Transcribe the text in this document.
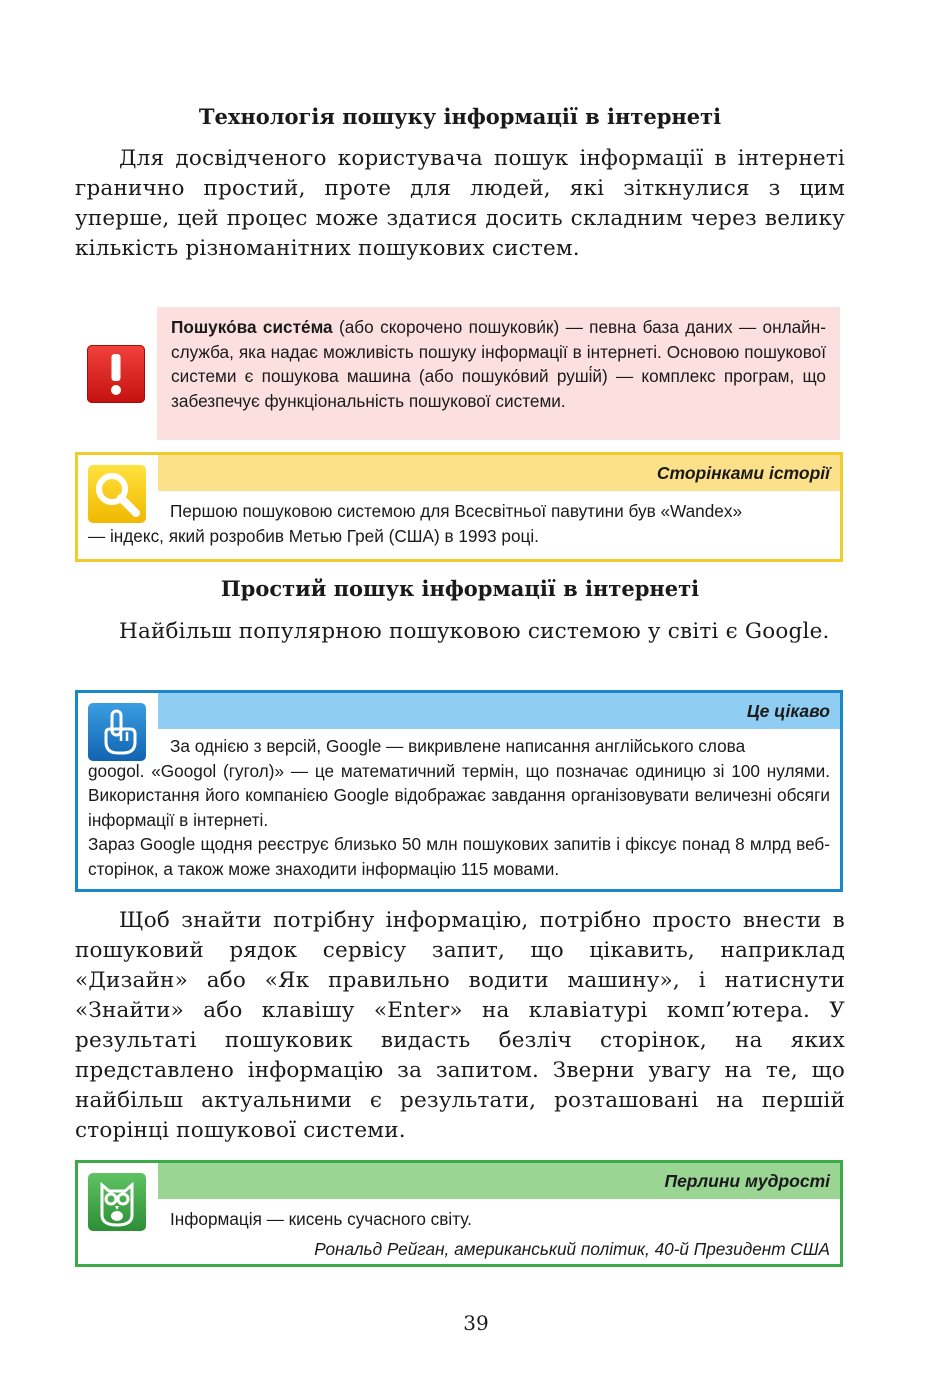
Технологія пошуку інформації в інтернеті

Для досвідченого користувача пошук інформації в інтернеті гранично простий, проте для людей, які зіткнулися з цим уперше, цей процес може здатися досить складним через велику кількість різноманітних пошукових систем.

Пошуко́ва систе́ма (або скорочено пошукови́к) — певна база даних — онлайн-служба, яка надає можливість пошуку інформації в інтернеті. Основою пошукової системи є пошукова машина (або пошуко́вий руші́й) — комплекс програм, що забезпечує функціональність пошукової системи.
Сторінками історії
Першою пошуковою системою для Всесвітньої павутини був «Wandex»
— індекс, який розробив Метью Грей (США) в 1993 році.
Простий пошук інформації в інтернеті

Найбільш популярною пошуковою системою у світі є Google.

Це цікаво
За однією з версій, Google — викривлене написання англійського слова
googol. «Googol (гугол)» — це математичний термін, що позначає одиницю зі 100 нулями. Використання його компанією Google відображає завдання організовувати величезні обсяги інформації в інтернеті.
Зараз Google щодня реєструє близько 50 млн пошукових запитів і фіксує понад 8 млрд веб-сторінок, а також може знаходити інформацію 115 мовами.

Щоб знайти потрібну інформацію, потрібно просто внести в пошуковий рядок сервісу запит, що цікавить, наприклад «Дизайн» або «Як правильно водити машину», і натиснути «Знайти» або клавішу «Enter» на клавіатурі комп’ютера. У результаті пошуковик видасть безліч сторінок, на яких представлено інформацію за запитом. Зверни увагу на те, що найбільш актуальними є результати, розташовані на першій сторінці пошукової системи.

Перлини мудрості
Інформація — кисень сучасного світу.
Рональд Рейган, американський політик, 40-й Президент США
39
